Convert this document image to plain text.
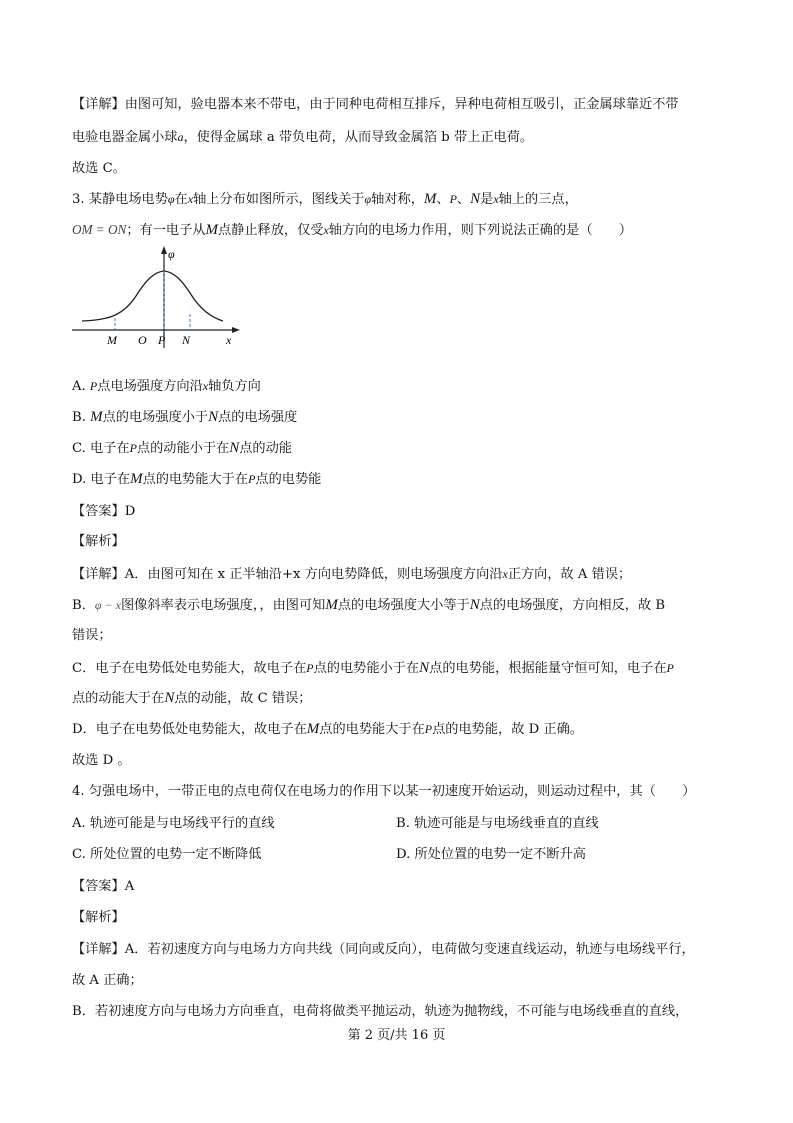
【详解】由图可知，验电器本来不带电，由于同种电荷相互排斥，异种电荷相互吸引，正金属球靠近不带
电验电器金属小球a，使得金属球 a 带负电荷，从而导致金属箔 b 带上正电荷。
故选 C。
3. 某静电场电势φ在x轴上分布如图所示，图线关于φ轴对称，M、P、N是x轴上的三点，
OM = ON；有一电子从M点静止释放，仅受x轴方向的电场力作用，则下列说法正确的是（　　）
φ
x
M O P N
A. P点电场强度方向沿x轴负方向
B. M点的电场强度小于N点的电场强度
C. 电子在P点的动能小于在N点的动能
D. 电子在M点的电势能大于在P点的电势能
【答案】D
【解析】
【详解】A．由图可知在 x 正半轴沿+x 方向电势降低，则电场强度方向沿x正方向，故 A 错误；
B．φ − x图像斜率表示电场强度，，由图可知M点的电场强度大小等于N点的电场强度，方向相反，故 B
错误；
C．电子在电势低处电势能大，故电子在P点的电势能小于在N点的电势能，根据能量守恒可知，电子在P
点的动能大于在N点的动能，故 C 错误；
D．电子在电势低处电势能大，故电子在M点的电势能大于在P点的电势能，故 D 正确。
故选 D 。
4. 匀强电场中，一带正电的点电荷仅在电场力的作用下以某一初速度开始运动，则运动过程中，其（　　）
A. 轨迹可能是与电场线平行的直线	B. 轨迹可能是与电场线垂直的直线
C. 所处位置的电势一定不断降低	D. 所处位置的电势一定不断升高
【答案】A
【解析】
【详解】A．若初速度方向与电场力方向共线（同向或反向），电荷做匀变速直线运动，轨迹与电场线平行，
故 A 正确；
B．若初速度方向与电场力方向垂直，电荷将做类平抛运动，轨迹为抛物线，不可能与电场线垂直的直线，
第 2 页/共 16 页
